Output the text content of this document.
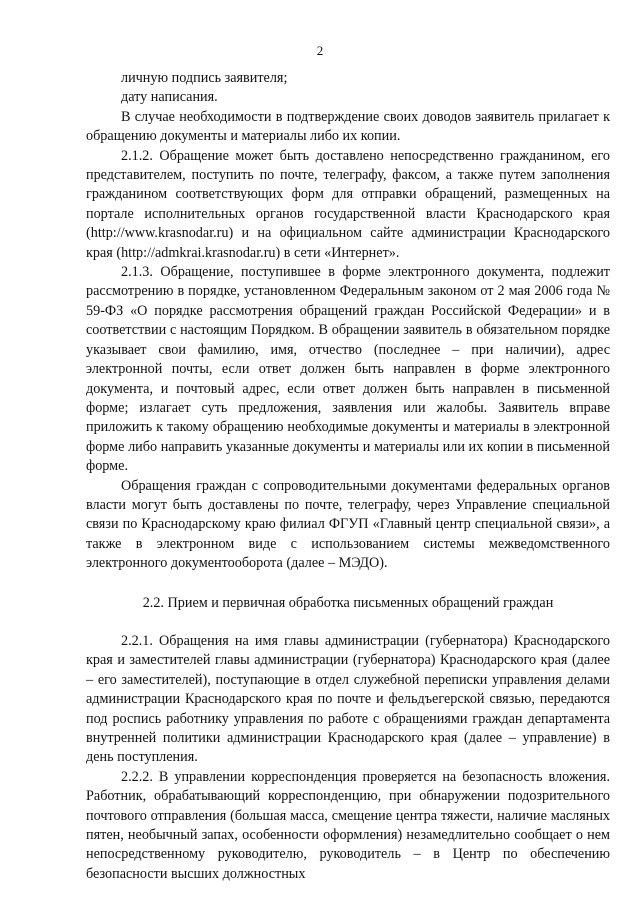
2

личную подпись заявителя;

дату написания.

В случае необходимости в подтверждение своих доводов заявитель прилагает к обращению документы и материалы либо их копии.

2.1.2. Обращение может быть доставлено непосредственно гражданином, его представителем, поступить по почте, телеграфу, факсом, а также путем заполнения гражданином соответствующих форм для отправки обращений, размещенных на портале исполнительных органов государственной власти Краснодарского края (http://www.krasnodar.ru) и на официальном сайте администрации Краснодарского края (http://admkrai.krasnodar.ru) в сети «Интернет».

2.1.3. Обращение, поступившее в форме электронного документа, подлежит рассмотрению в порядке, установленном Федеральным законом от 2 мая 2006 года № 59-ФЗ «О порядке рассмотрения обращений граждан Российской Федерации» и в соответствии с настоящим Порядком. В обращении заявитель в обязательном порядке указывает свои фамилию, имя, отчество (последнее – при наличии), адрес электронной почты, если ответ должен быть направлен в форме электронного документа, и почтовый адрес, если ответ должен быть направлен в письменной форме; излагает суть предложения, заявления или жалобы. Заявитель вправе приложить к такому обращению необходимые документы и материалы в электронной форме либо направить указанные документы и материалы или их копии в письменной форме.

Обращения граждан с сопроводительными документами федеральных органов власти могут быть доставлены по почте, телеграфу, через Управление специальной связи по Краснодарскому краю филиал ФГУП «Главный центр специальной связи», а также в электронном виде с использованием системы межведомственного электронного документооборота (далее – МЭДО).

2.2. Прием и первичная обработка письменных обращений граждан

2.2.1. Обращения на имя главы администрации (губернатора) Краснодарского края и заместителей главы администрации (губернатора) Краснодарского края (далее – его заместителей), поступающие в отдел служебной переписки управления делами администрации Краснодарского края по почте и фельдъегерской связью, передаются под роспись работнику управления по работе с обращениями граждан департамента внутренней политики администрации Краснодарского края (далее – управление) в день поступления.

2.2.2. В управлении корреспонденция проверяется на безопасность вложения. Работник, обрабатывающий корреспонденцию, при обнаружении подозрительного почтового отправления (большая масса, смещение центра тяжести, наличие масляных пятен, необычный запах, особенности оформления) незамедлительно сообщает о нем непосредственному руководителю, руководитель – в Центр по обеспечению безопасности высших должностных
